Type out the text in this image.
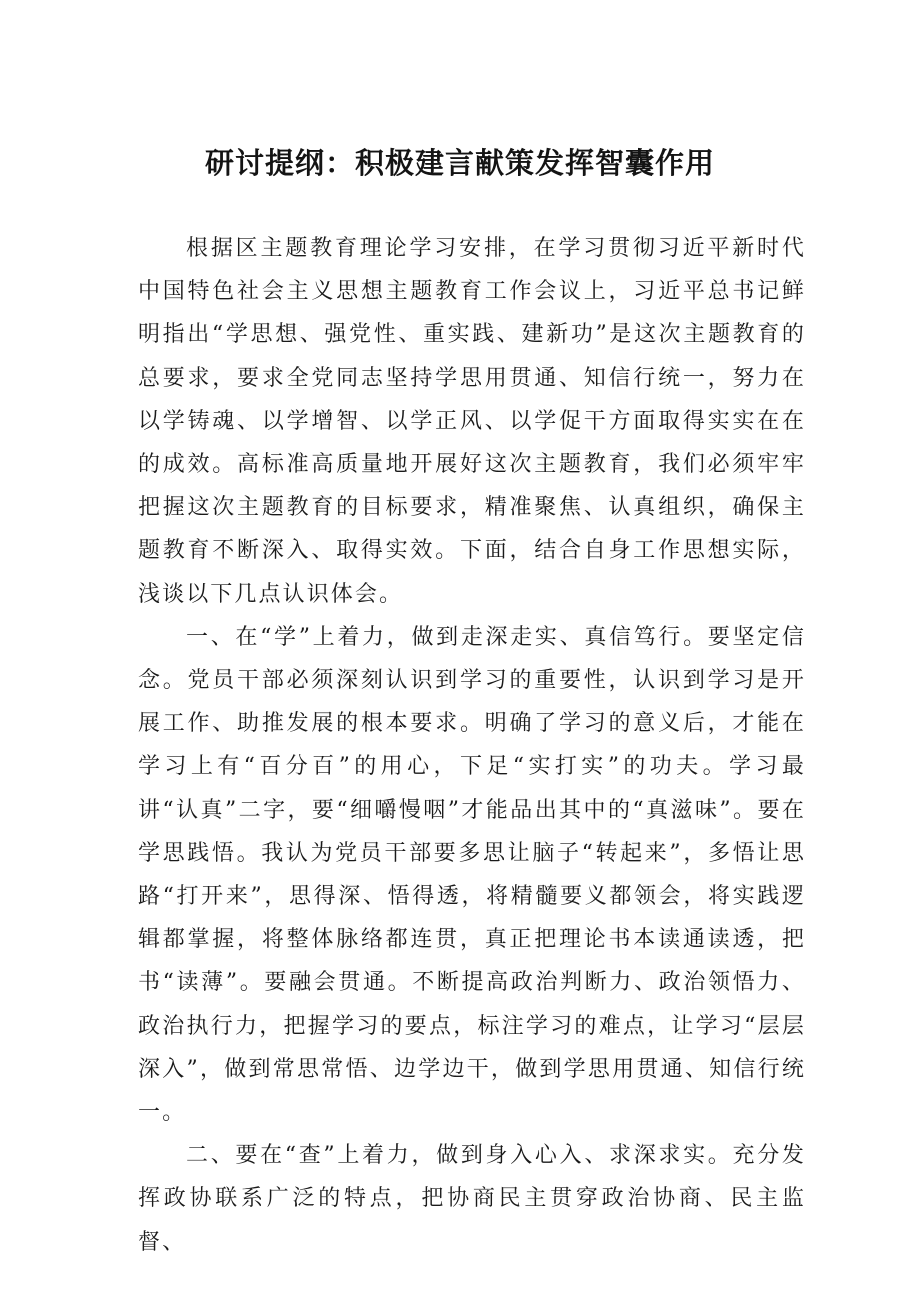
研讨提纲：积极建言献策发挥智囊作用

根据区主题教育理论学习安排，在学习贯彻习近平新时代中国特色社会主义思想主题教育工作会议上，习近平总书记鲜明指出“学思想、强党性、重实践、建新功”是这次主题教育的总要求，要求全党同志坚持学思用贯通、知信行统一，努力在以学铸魂、以学增智、以学正风、以学促干方面取得实实在在的成效。高标准高质量地开展好这次主题教育，我们必须牢牢把握这次主题教育的目标要求，精准聚焦、认真组织，确保主题教育不断深入、取得实效。下面，结合自身工作思想实际，浅谈以下几点认识体会。

一、在“学”上着力，做到走深走实、真信笃行。要坚定信念。党员干部必须深刻认识到学习的重要性，认识到学习是开展工作、助推发展的根本要求。明确了学习的意义后，才能在学习上有“百分百”的用心，下足“实打实”的功夫。学习最讲“认真”二字，要“细嚼慢咽”才能品出其中的“真滋味”。要在学思践悟。我认为党员干部要多思让脑子“转起来”，多悟让思路“打开来”，思得深、悟得透，将精髓要义都领会，将实践逻辑都掌握，将整体脉络都连贯，真正把理论书本读通读透，把书“读薄”。要融会贯通。不断提高政治判断力、政治领悟力、政治执行力，把握学习的要点，标注学习的难点，让学习“层层深入”，做到常思常悟、边学边干，做到学思用贯通、知信行统一。

二、要在“查”上着力，做到身入心入、求深求实。充分发挥政协联系广泛的特点，把协商民主贯穿政治协商、民主监督、
